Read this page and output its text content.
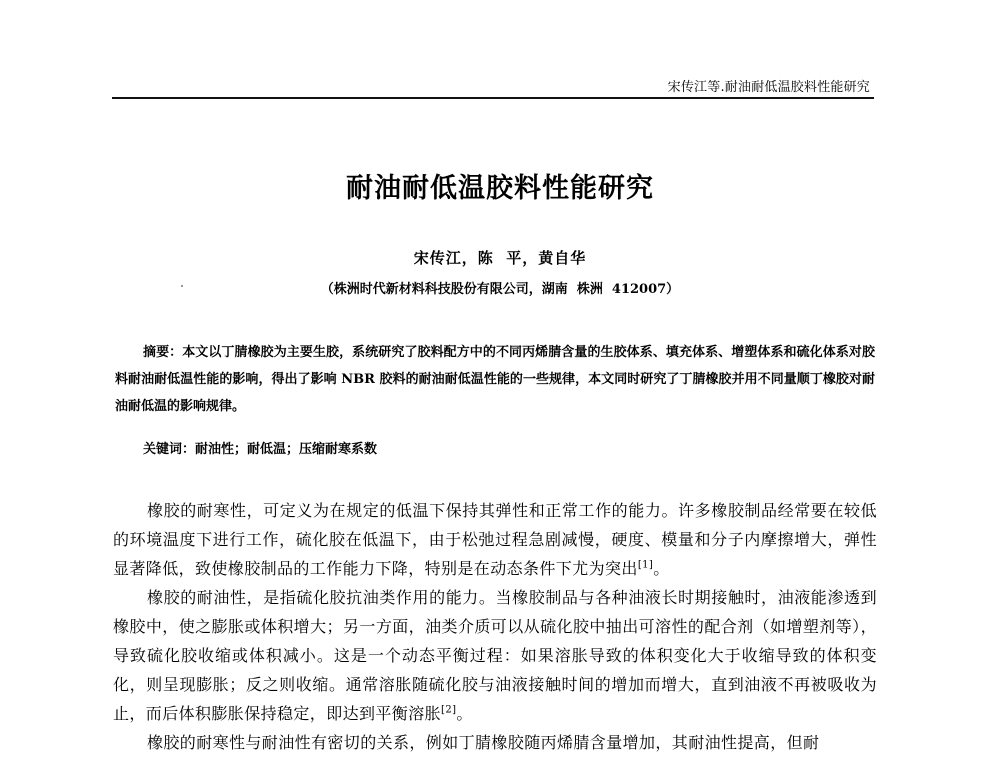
宋传江等.耐油耐低温胶料性能研究
耐油耐低温胶料性能研究
宋传江，陈  平，黄自华
（株洲时代新材料科技股份有限公司，湖南  株洲  412007）

摘要：本文以丁腈橡胶为主要生胶，系统研究了胶料配方中的不同丙烯腈含量的生胶体系、填充体系、增塑体系和硫化体系对胶料耐油耐低温性能的影响，得出了影响 NBR 胶料的耐油耐低温性能的一些规律，本文同时研究了丁腈橡胶并用不同量顺丁橡胶对耐油耐低温的影响规律。

关键词：耐油性；耐低温；压缩耐寒系数

橡胶的耐寒性，可定义为在规定的低温下保持其弹性和正常工作的能力。许多橡胶制品经常要在较低的环境温度下进行工作，硫化胶在低温下，由于松弛过程急剧减慢，硬度、模量和分子内摩擦增大，弹性显著降低，致使橡胶制品的工作能力下降，特别是在动态条件下尤为突出[1]。

橡胶的耐油性，是指硫化胶抗油类作用的能力。当橡胶制品与各种油液长时期接触时，油液能渗透到橡胶中，使之膨胀或体积增大；另一方面，油类介质可以从硫化胶中抽出可溶性的配合剂（如增塑剂等），导致硫化胶收缩或体积减小。这是一个动态平衡过程：如果溶胀导致的体积变化大于收缩导致的体积变化，则呈现膨胀；反之则收缩。通常溶胀随硫化胶与油液接触时间的增加而增大，直到油液不再被吸收为止，而后体积膨胀保持稳定，即达到平衡溶胀[2]。

橡胶的耐寒性与耐油性有密切的关系，例如丁腈橡胶随丙烯腈含量增加，其耐油性提高，但耐
